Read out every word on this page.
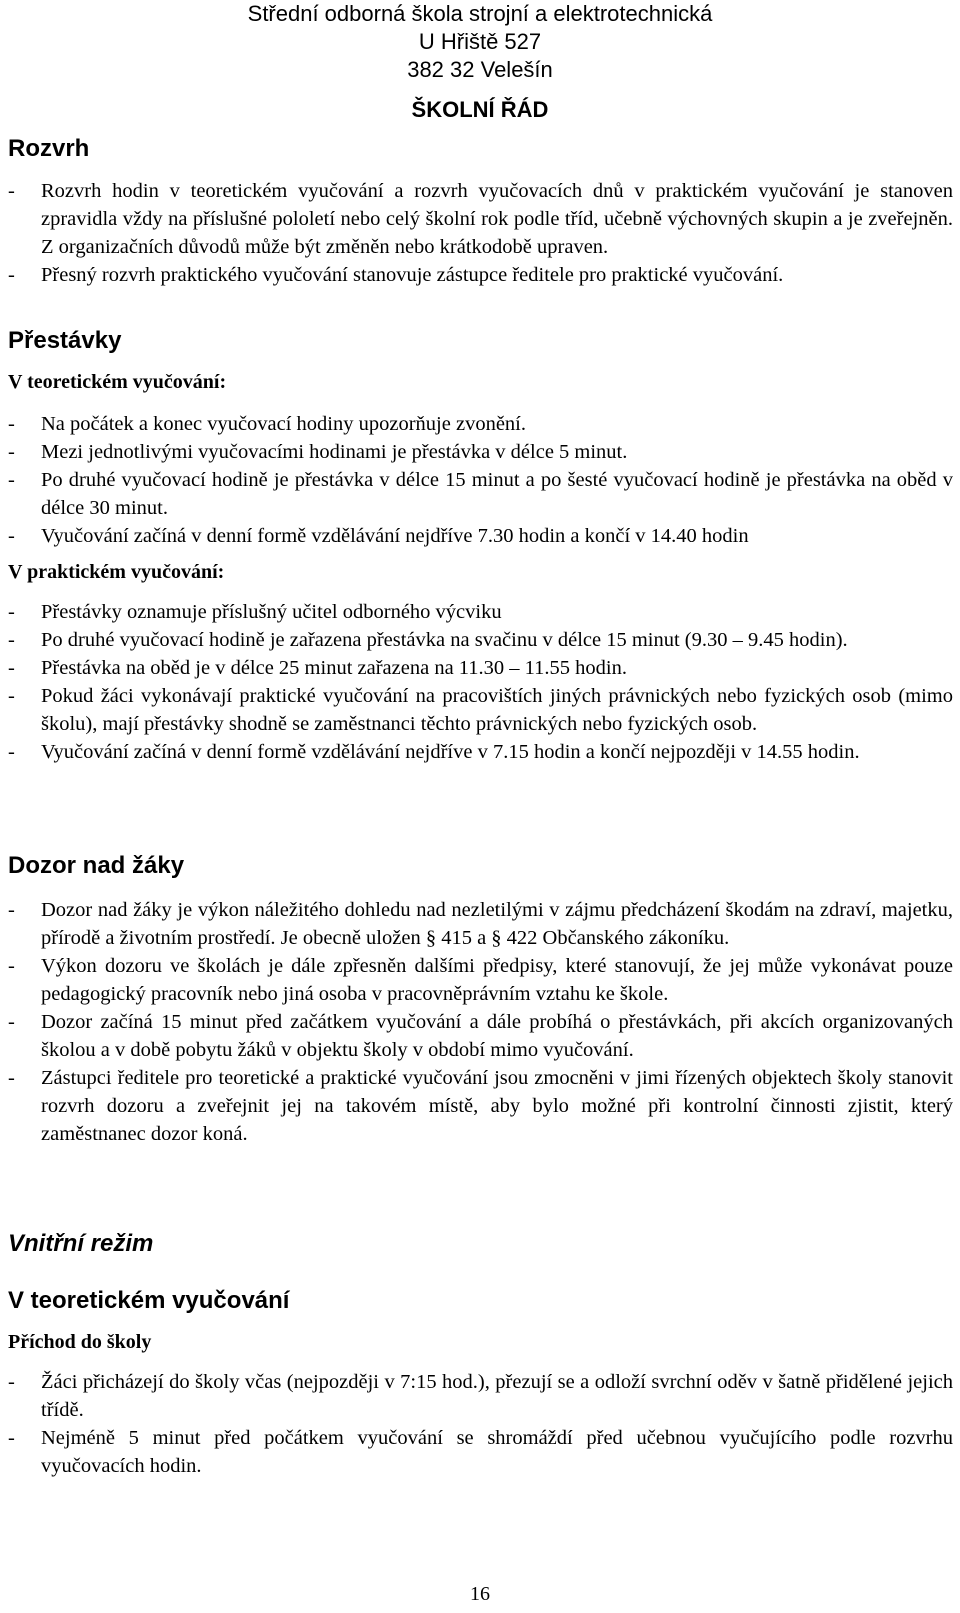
Střední odborná škola strojní a elektrotechnická
U Hřiště 527
382 32 Velešín
ŠKOLNÍ ŘÁD
Rozvrh
- Rozvrh hodin v teoretickém vyučování a rozvrh vyučovacích dnů v praktickém vyučování je stanoven zpravidla vždy na příslušné pololetí nebo celý školní rok podle tříd, učebně výchovných skupin a je zveřejněn. Z organizačních důvodů může být změněn nebo krátkodobě upraven.
- Přesný rozvrh praktického vyučování stanovuje zástupce ředitele pro praktické vyučování.
Přestávky
V teoretickém vyučování:
- Na počátek a konec vyučovací hodiny upozorňuje zvonění.
- Mezi jednotlivými vyučovacími hodinami je přestávka v délce 5 minut.
- Po druhé vyučovací hodině je přestávka v délce 15 minut a po šesté vyučovací hodině je přestávka na oběd v délce 30 minut.
- Vyučování začíná v denní formě vzdělávání nejdříve 7.30 hodin a končí v 14.40 hodin
V praktickém vyučování:
- Přestávky oznamuje příslušný učitel odborného výcviku
- Po druhé vyučovací hodině je zařazena přestávka na svačinu v délce 15 minut (9.30 – 9.45 hodin).
- Přestávka na oběd je v délce 25 minut zařazena na 11.30 – 11.55 hodin.
- Pokud žáci vykonávají praktické vyučování na pracovištích jiných právnických nebo fyzických osob (mimo školu), mají přestávky shodně se zaměstnanci těchto právnických nebo fyzických osob.
- Vyučování začíná v denní formě vzdělávání nejdříve v 7.15 hodin a končí nejpozději v 14.55 hodin.
Dozor nad žáky
- Dozor nad žáky je výkon náležitého dohledu nad nezletilými v zájmu předcházení škodám na zdraví, majetku, přírodě a životním prostředí. Je obecně uložen § 415 a § 422 Občanského zákoníku.
- Výkon dozoru ve školách je dále zpřesněn dalšími předpisy, které stanovují, že jej může vykonávat pouze pedagogický pracovník nebo jiná osoba v pracovněprávním vztahu ke škole.
- Dozor začíná 15 minut před začátkem vyučování a dále probíhá o přestávkách, při akcích organizovaných školou a v době pobytu žáků v objektu školy v období mimo vyučování.
- Zástupci ředitele pro teoretické a praktické vyučování jsou zmocněni v jimi řízených objektech školy stanovit rozvrh dozoru a zveřejnit jej na takovém místě, aby bylo možné při kontrolní činnosti zjistit, který zaměstnanec dozor koná.
Vnitřní režim
V teoretickém vyučování
Příchod do školy
- Žáci přicházejí do školy včas (nejpozději v 7:15 hod.), přezují se a odloží svrchní oděv v šatně přidělené jejich třídě.
- Nejméně 5 minut před počátkem vyučování se shromáždí před učebnou vyučujícího podle rozvrhu vyučovacích hodin.
16
